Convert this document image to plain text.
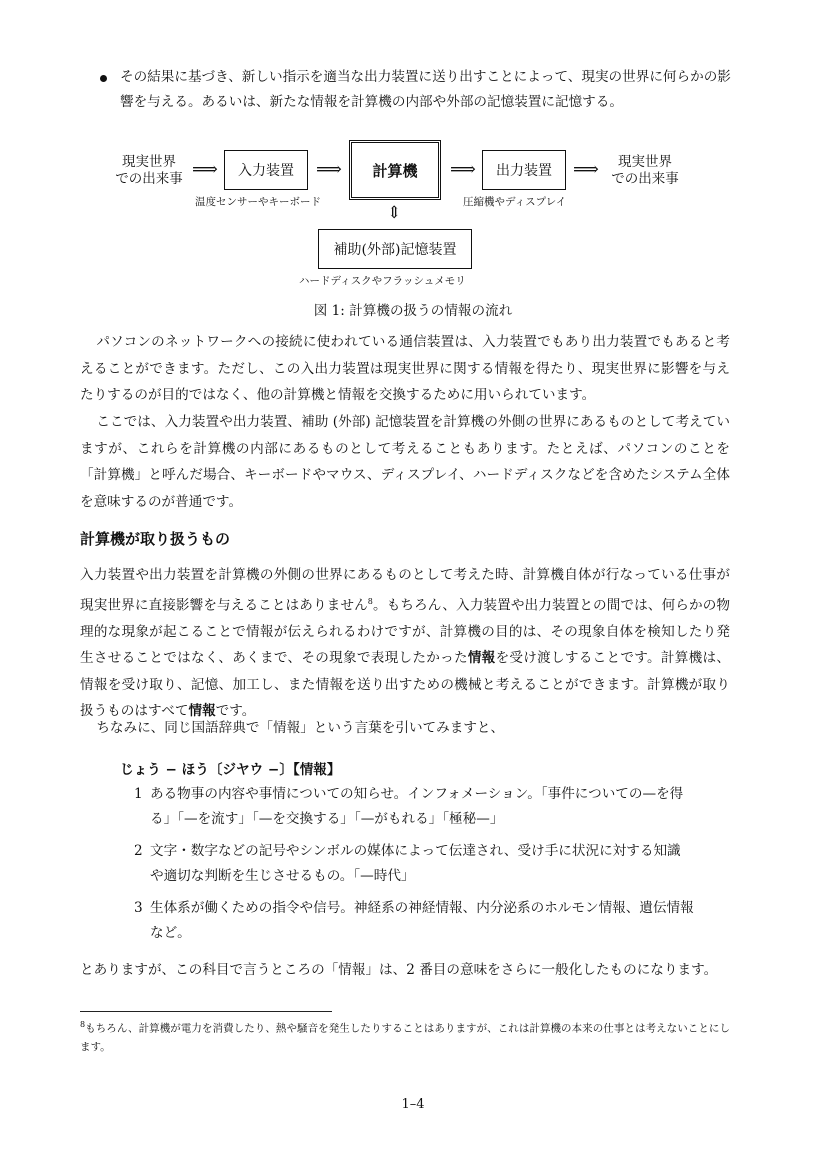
その結果に基づき、新しい指示を適当な出力装置に送り出すことによって、現実の世界に何らかの影響を与える。あるいは、新たな情報を計算機の内部や外部の記憶装置に記憶する。
現実世界
での出来事 ⟹	入力装置
温度センサーやキーボード
⟹	計算機	⟹	出力装置
圧縮機やディスプレイ
⟹	現実世界
での出来事
⇕
補助(外部)記憶装置
ハードディスクやフラッシュメモリ
図 1: 計算機の扱うの情報の流れ
パソコンのネットワークへの接続に使われている通信装置は、入力装置でもあり出力装置でもあると考えることができます。ただし、この入出力装置は現実世界に関する情報を得たり、現実世界に影響を与えたりするのが目的ではなく、他の計算機と情報を交換するために用いられています。
ここでは、入力装置や出力装置、補助 (外部) 記憶装置を計算機の外側の世界にあるものとして考えていますが、これらを計算機の内部にあるものとして考えることもあります。たとえば、パソコンのことを「計算機」と呼んだ場合、キーボードやマウス、ディスプレイ、ハードディスクなどを含めたシステム全体を意味するのが普通です。
計算機が取り扱うもの
入力装置や出力装置を計算機の外側の世界にあるものとして考えた時、計算機自体が行なっている仕事が現実世界に直接影響を与えることはありません$^8$。もちろん、入力装置や出力装置との間では、何らかの物理的な現象が起こることで情報が伝えられるわけですが、計算機の目的は、その現象自体を検知したり発生させることではなく、あくまで、その現象で表現したかった情報を受け渡しすることです。計算機は、情報を受け取り、記憶、加工し、また情報を送り出すための機械と考えることができます。計算機が取り扱うものはすべて情報です。
ちなみに、同じ国語辞典で「情報」という言葉を引いてみますと、
じょう − ほう〔ジヤウ −〕【情報】
1 ある物事の内容や事情についての知らせ。インフォメーション。「事件についての—を得る」「—を流す」「—を交換する」「—がもれる」「極秘—」
2 文字・数字などの記号やシンボルの媒体によって伝達され、受け手に状況に対する知識や適切な判断を生じさせるもの。「—時代」
3 生体系が働くための指令や信号。神経系の神経情報、内分泌系のホルモン情報、遺伝情報など。
とありますが、この科目で言うところの「情報」は、2 番目の意味をさらに一般化したものになります。
$^8$もちろん、計算機が電力を消費したり、熱や騒音を発生したりすることはありますが、これは計算機の本来の仕事とは考えないことにします。
1–4
